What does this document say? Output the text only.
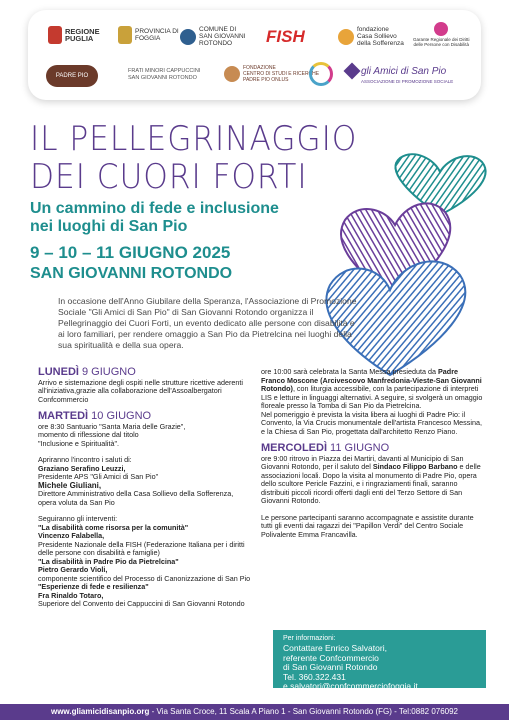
REGIONE
PUGLIA
PROVINCIA DI
FOGGIA
COMUNE DI
SAN GIOVANNI
ROTONDO	FISH	fondazione
Casa Sollievo
della Sofferenza
Garante Regionale dei Diritti
delle Persone con Disabilità
PADRE PIO
FRATI MINORI CAPPUCCINI
SAN GIOVANNI ROTONDO
FONDAZIONE
CENTRO DI STUDI E RICERCHE
PADRE PIO ONLUS
gli Amici di San Pio
ASSOCIAZIONE DI PROMOZIONE SOCIALE
IL PELLEGRINAGGIO
DEI CUORI FORTI
Un cammino di fede e inclusione
nei luoghi di San Pio
9 – 10 – 11 GIUGNO 2025
SAN GIOVANNI ROTONDO
In occasione dell'Anno Giubilare della Speranza, l'Associazione di Promozione Sociale "Gli Amici di San Pio" di San Giovanni Rotondo organizza il Pellegrinaggio dei Cuori Forti, un evento dedicato alle persone con disabilità e ai loro familiari, per rendere omaggio a San Pio da Pietrelcina nei luoghi della sua spiritualità e della sua opera.
LUNEDÌ 9 GIUGNO

Arrivo e sistemazione degli ospiti nelle strutture ricettive aderenti all'iniziativa,grazie alla collaborazione dell'Assoalbergatori Confcommercio

MARTEDÌ 10 GIUGNO

ore 8:30 Santuario "Santa Maria delle Grazie",

momento di riflessione dal titolo

"Inclusione e Spiritualità".

Apriranno l'incontro i saluti di:

Graziano Serafino Leuzzi,

Presidente APS "Gli Amici di San Pio"

Michele Giuliani,

Direttore Amministrativo della Casa Sollievo della Sofferenza, opera voluta da San Pio

Seguiranno gli interventi:

"La disabilità come risorsa per la comunità"

Vincenzo Falabella,

Presidente Nazionale della FISH (Federazione Italiana per i diritti delle persone con disabilità e famiglie)

"La disabilità in Padre Pio da Pietrelcina"

Pietro Gerardo Violi,

componente scientifico del Processo di Canonizzazione di San Pio

"Esperienze di fede e resilienza"

Fra Rinaldo Totaro,

Superiore del Convento dei Cappuccini di San Giovanni Rotondo

ore 10:00 sarà celebrata la Santa Messa presieduta da Padre Franco Moscone (Arcivescovo Manfredonia-Vieste-San Giovanni Rotondo), con liturgia accessibile, con la partecipazione di interpreti LIS e letture in linguaggi alternativi. A seguire, si svolgerà un omaggio floreale presso la Tomba di San Pio da Pietrelcina.

Nel pomeriggio è prevista la visita libera ai luoghi di Padre Pio: il Convento, la Via Crucis monumentale dell'artista Francesco Messina, e la Chiesa di San Pio, progettata dall'architetto Renzo Piano.

MERCOLEDÌ 11 GIUGNO

ore 9:00 ritrovo in Piazza dei Martiri, davanti al Municipio di San Giovanni Rotondo, per il saluto del Sindaco Filippo Barbano e delle associazioni locali. Dopo la visita al monumento di Padre Pio, opera dello scultore Pericle Fazzini, e i ringraziamenti finali, saranno distribuiti piccoli ricordi offerti dagli enti del Terzo Settore di San Giovanni Rotondo.

Le persone partecipanti saranno accompagnate e assistite durante tutti gli eventi dai ragazzi dei "Papillon Verdi" del Centro Sociale Polivalente Emma Francavilla.

Per informazioni:
Contattare Enrico Salvatori,
referente Confcommercio
di San Giovanni Rotondo
Tel. 360.322.431
e.salvatori@confcommerciofoggia.it
www.gliamicidisanpio.org - Via Santa Croce, 11 Scala A Piano 1 - San Giovanni Rotondo (FG) - Tel:0882 076092
